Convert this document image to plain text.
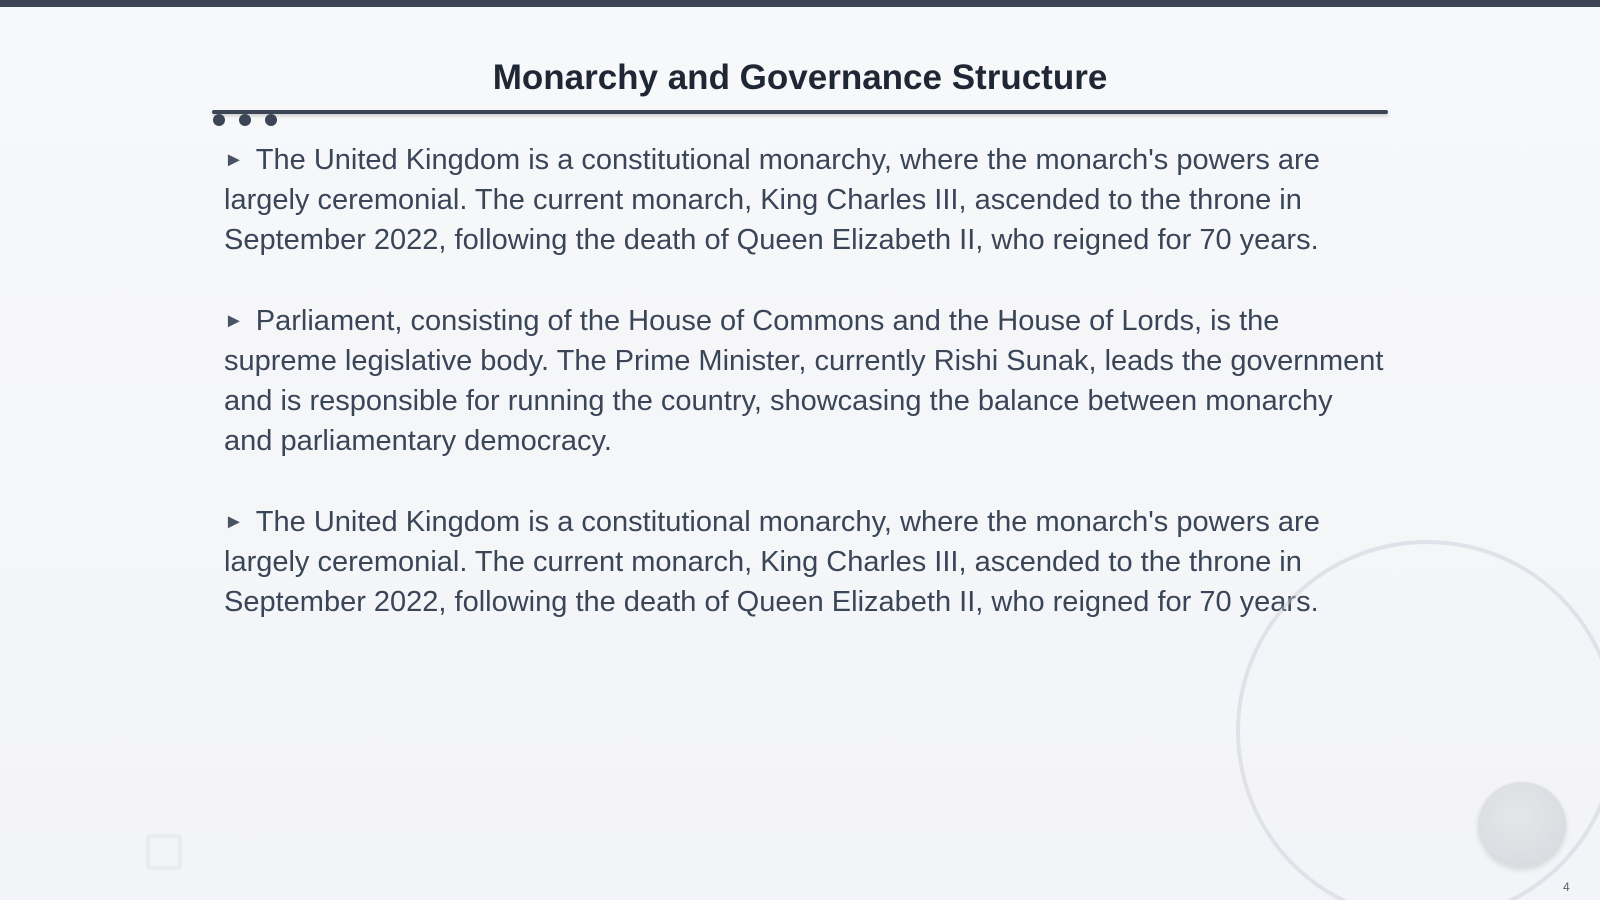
Monarchy and Governance Structure

► The United Kingdom is a constitutional monarchy, where the monarch's powers are largely ceremonial. The current monarch, King Charles III, ascended to the throne in September 2022, following the death of Queen Elizabeth II, who reigned for 70 years.

► Parliament, consisting of the House of Commons and the House of Lords, is the supreme legislative body. The Prime Minister, currently Rishi Sunak, leads the government and is responsible for running the country, showcasing the balance between monarchy and parliamentary democracy.

► The United Kingdom is a constitutional monarchy, where the monarch's powers are largely ceremonial. The current monarch, King Charles III, ascended to the throne in September 2022, following the death of Queen Elizabeth II, who reigned for 70 years.

4
